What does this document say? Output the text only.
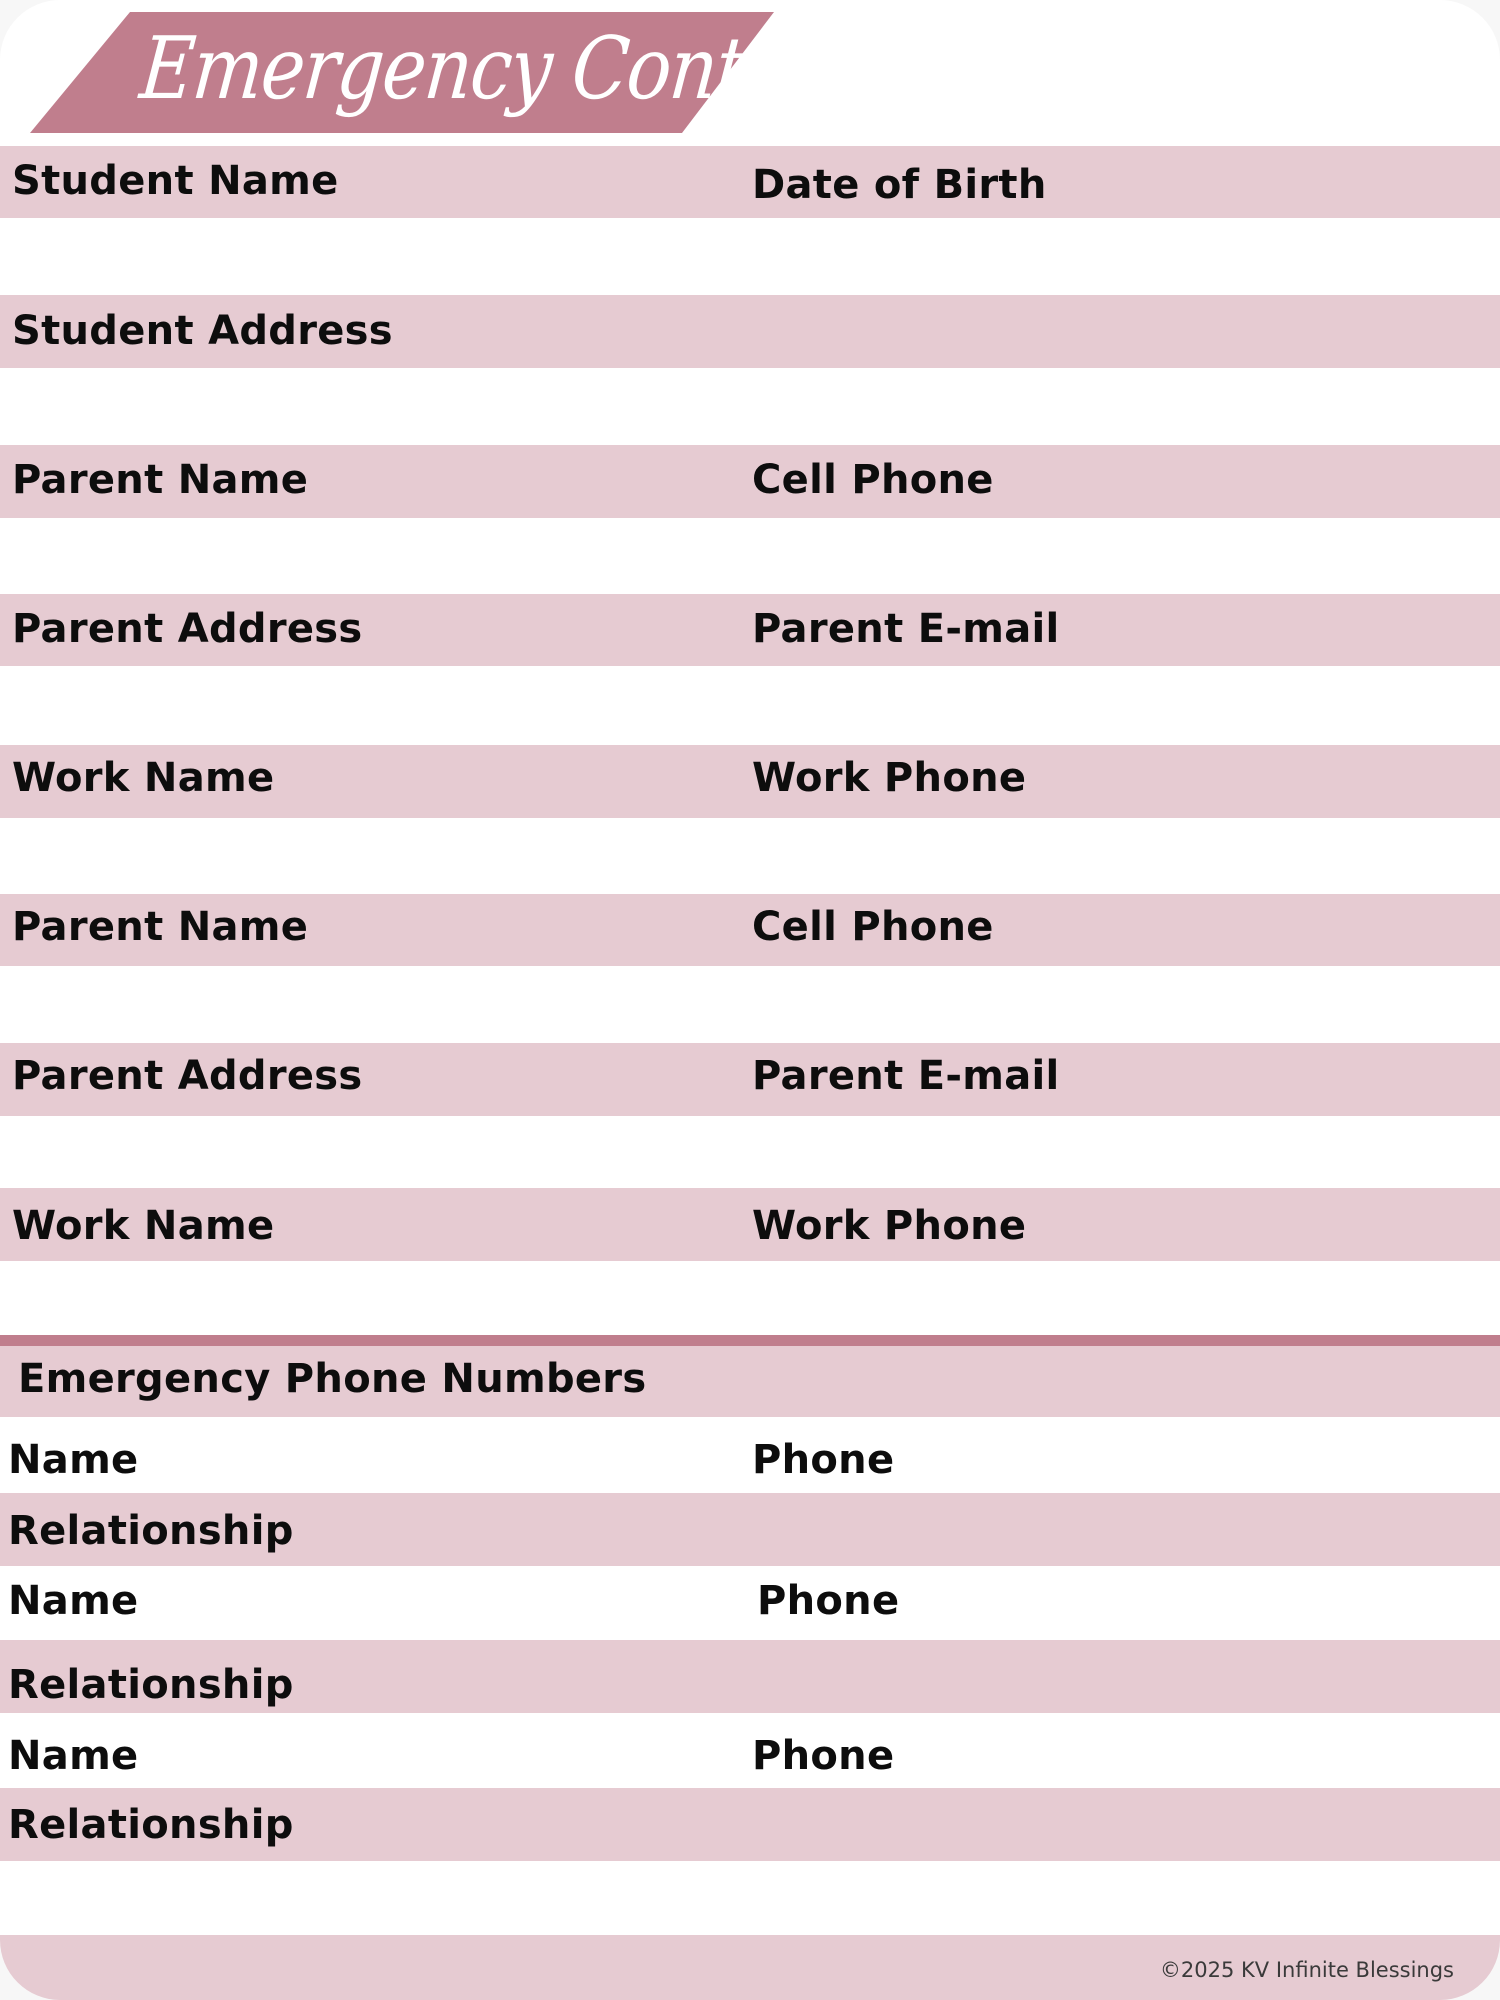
Emergency Contacts
Student Name	Date of Birth
Student Address
Parent Name	Cell Phone
Parent Address	Parent E-mail
Work Name	Work Phone
Parent Name	Cell Phone
Parent Address	Parent E-mail
Work Name	Work Phone
Emergency Phone Numbers
Name	Phone
Relationship
Name	Phone
Relationship
Name	Phone
Relationship
©2025 KV Infinite Blessings
